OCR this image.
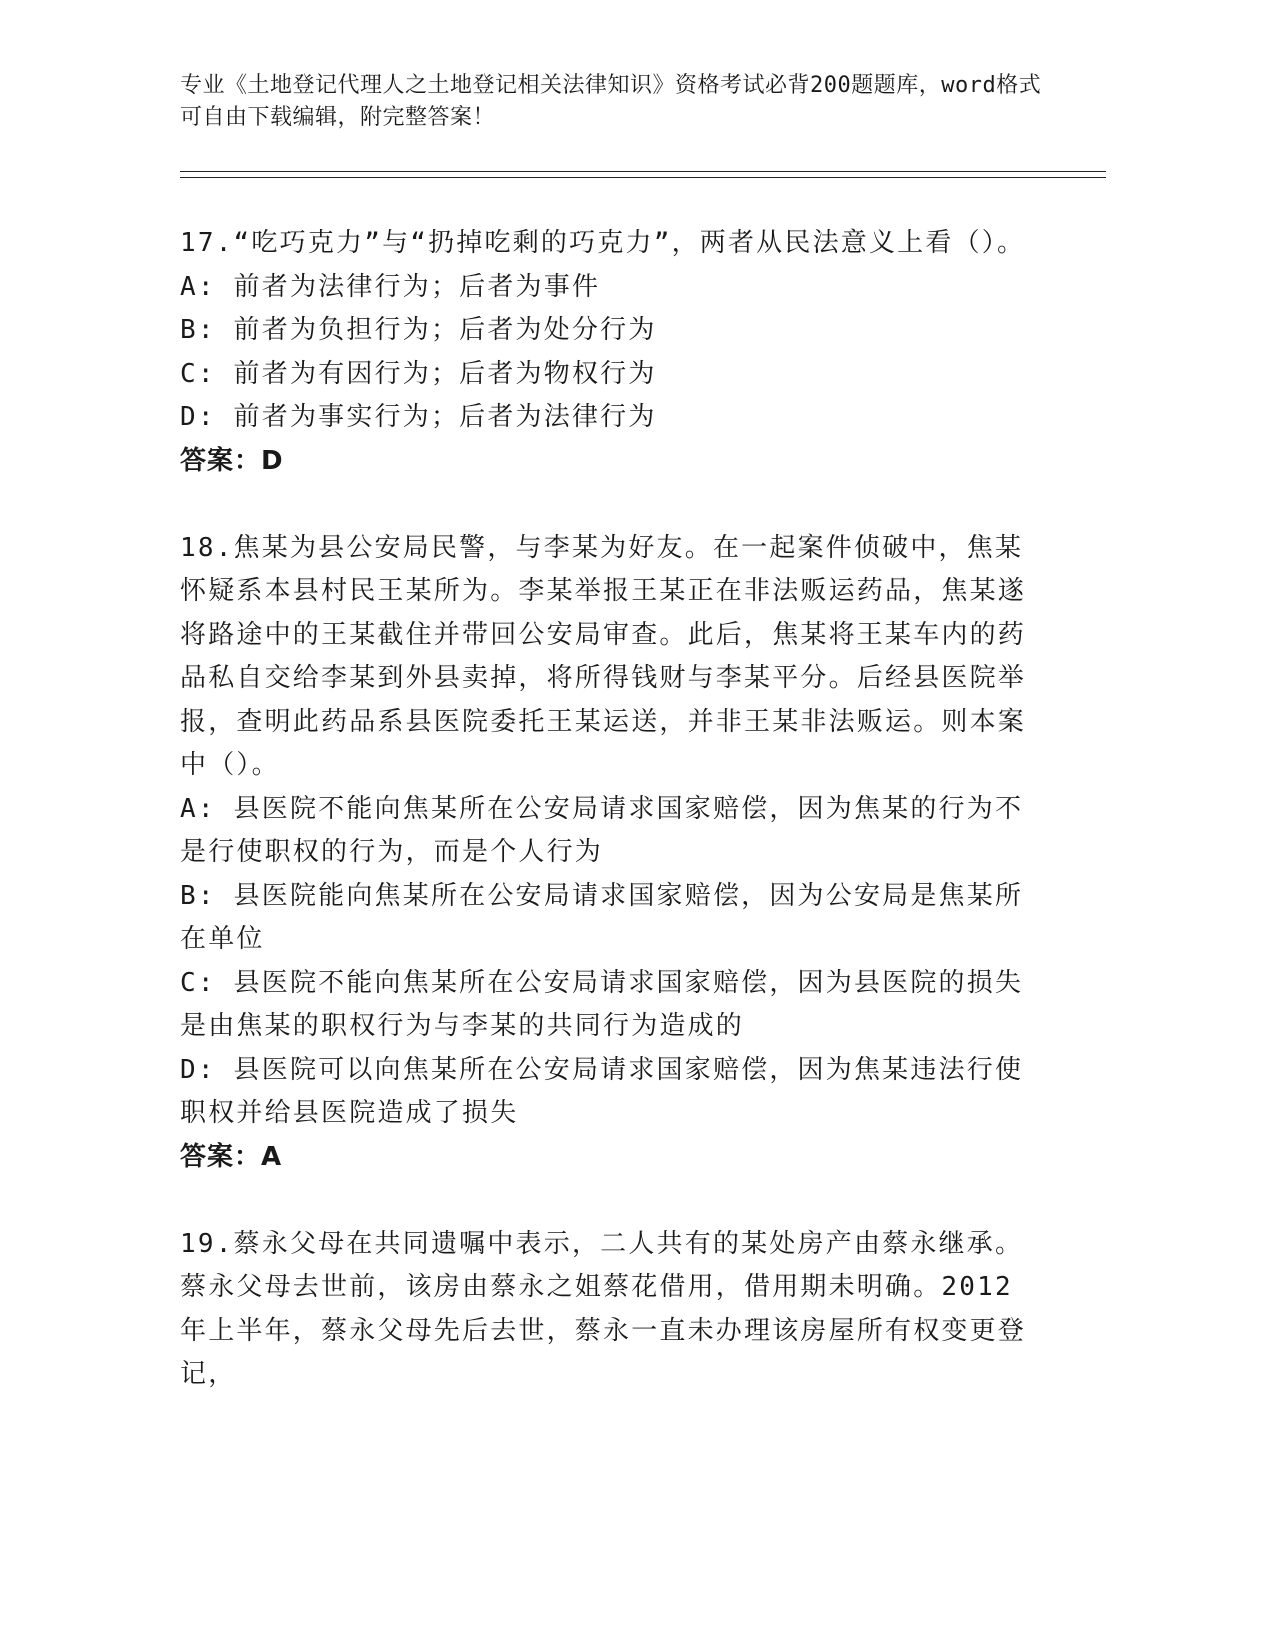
专业《土地登记代理人之土地登记相关法律知识》资格考试必背200题题库，word格式可自由下载编辑，附完整答案！

17.“吃巧克力”与“扔掉吃剩的巧克力”，两者从民法意义上看（）。

A: 前者为法律行为；后者为事件

B: 前者为负担行为；后者为处分行为

C: 前者为有因行为；后者为物权行为

D: 前者为事实行为；后者为法律行为

答案：D

18.焦某为县公安局民警，与李某为好友。在一起案件侦破中，焦某怀疑系本县村民王某所为。李某举报王某正在非法贩运药品，焦某遂将路途中的王某截住并带回公安局审查。此后，焦某将王某车内的药品私自交给李某到外县卖掉，将所得钱财与李某平分。后经县医院举报，查明此药品系县医院委托王某运送，并非王某非法贩运。则本案中（）。

A: 县医院不能向焦某所在公安局请求国家赔偿，因为焦某的行为不是行使职权的行为，而是个人行为

B: 县医院能向焦某所在公安局请求国家赔偿，因为公安局是焦某所在单位

C: 县医院不能向焦某所在公安局请求国家赔偿，因为县医院的损失是由焦某的职权行为与李某的共同行为造成的

D: 县医院可以向焦某所在公安局请求国家赔偿，因为焦某违法行使职权并给县医院造成了损失

答案：A

19.蔡永父母在共同遗嘱中表示，二人共有的某处房产由蔡永继承。蔡永父母去世前，该房由蔡永之姐蔡花借用，借用期未明确。2012年上半年，蔡永父母先后去世，蔡永一直未办理该房屋所有权变更登记，
